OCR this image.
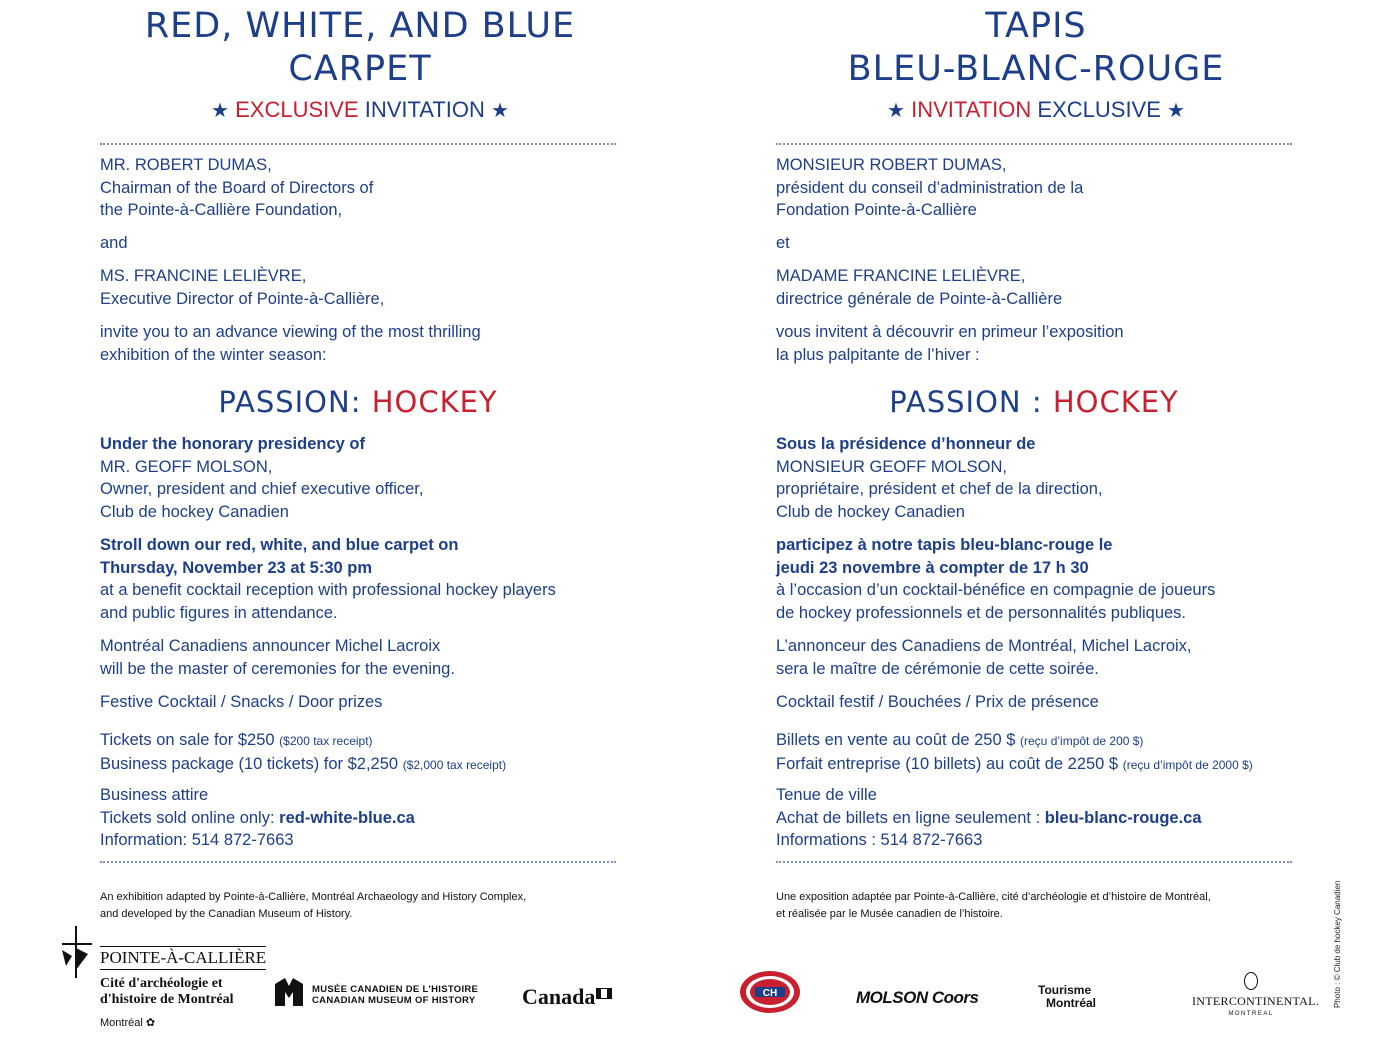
RED, WHITE, AND BLUE
CARPET
★ EXCLUSIVE INVITATION ★

MR. ROBERT DUMAS,

Chairman of the Board of Directors of

the Pointe-à-Callière Foundation,

and

MS. FRANCINE LELIÈVRE,

Executive Director of Pointe-à-Callière,

invite you to an advance viewing of the most thrilling

exhibition of the winter season:

PASSION: HOCKEY

Under the honorary presidency of

MR. GEOFF MOLSON,

Owner, president and chief executive officer,

Club de hockey Canadien

Stroll down our red, white, and blue carpet on

Thursday, November 23 at 5:30 pm

at a benefit cocktail reception with professional hockey players

and public figures in attendance.

Montréal Canadiens announcer Michel Lacroix

will be the master of ceremonies for the evening.

Festive Cocktail / Snacks / Door prizes

Tickets on sale for $250 ($200 tax receipt)

Business package (10 tickets) for $2,250 ($2,000 tax receipt)

Business attire

Tickets sold online only: red-white-blue.ca

Information: 514 872-7663

An exhibition adapted by Pointe-à-Callière, Montréal Archaeology and History Complex,
and developed by the Canadian Museum of History.
TAPIS
BLEU-BLANC-ROUGE
★ INVITATION EXCLUSIVE ★

MONSIEUR ROBERT DUMAS,

président du conseil d’administration de la

Fondation Pointe-à-Callière

et

MADAME FRANCINE LELIÈVRE,

directrice générale de Pointe-à-Callière

vous invitent à découvrir en primeur l’exposition

la plus palpitante de l’hiver :

PASSION : HOCKEY

Sous la présidence d’honneur de

MONSIEUR GEOFF MOLSON,

propriétaire, président et chef de la direction,

Club de hockey Canadien

participez à notre tapis bleu-blanc-rouge le

jeudi 23 novembre à compter de 17 h 30

à l’occasion d’un cocktail-bénéfice en compagnie de joueurs

de hockey professionnels et de personnalités publiques.

L’annonceur des Canadiens de Montréal, Michel Lacroix,

sera le maître de cérémonie de cette soirée.

Cocktail festif / Bouchées / Prix de présence

Billets en vente au coût de 250 $ (reçu d’impôt de 200 $)

Forfait entreprise (10 billets) au coût de 2250 $ (reçu d’impôt de 2000 $)

Tenue de ville

Achat de billets en ligne seulement : bleu-blanc-rouge.ca

Informations : 514 872-7663

Une exposition adaptée par Pointe-à-Callière, cité d’archéologie et d’histoire de Montréal,
et réalisée par le Musée canadien de l’histoire.
POINTE-À-CALLIÈRE
Cité d'archéologie et
d'histoire de Montréal
Montréal ✿
MUSÉE CANADIEN DE L'HISTOIRE
CANADIAN MUSEUM OF HISTORY Canada	CH	MOLSON Coors	Tourisme
Montréal	INTERCONTINENTAL.
MONTREAL
Photo : © Club de hockey Canadien
